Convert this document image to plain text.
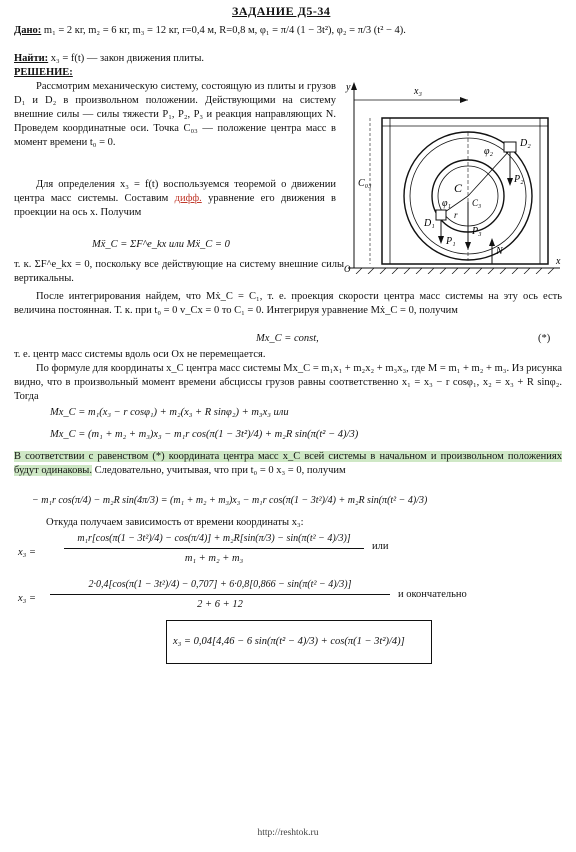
ЗАДАНИЕ Д5-34
Дано: m₁ = 2 кг, m₂ = 6 кг, m₃ = 12 кг, r=0,4 м, R=0,8 м, φ₁ = π/4 (1 − 3t²), φ₂ = π/3 (t² − 4).
Найти: x₃ = f(t) — закон движения плиты.
РЕШЕНИЕ:
Рассмотрим механическую систему, состоящую из плиты и грузов D₁ и D₂ в произвольном положении. Действующими на систему внешние силы — силы тяжести P₁, P₂, P₃ и реакция направляющих N. Проведем координатные оси. Точка C₀₃ — положение центра масс в момент времени t₀ = 0.
Для определения x₃ = f(t) воспользуемся теоремой о движении центра масс системы. Составим дифф. уравнение его движения в проекции на ось x. Получим
Mẍ_C = ΣF^e_kx или Mẍ_C = 0
т. к. ΣF^e_kx = 0, поскольку все действующие на систему внешние силы вертикальны.
y	x₃
C₀₃
D₂
D₁
P₂
P₁
P₃
N
φ₂
φ₁
r
C₃
C
O
x
После интегрирования найдем, что Mẋ_C = C₁, т. е. проекция скорости центра масс системы на эту ось есть величина постоянная. Т. к. при t₀ = 0 v_Cx = 0 то C₁ = 0. Интегрируя уравнение Mẋ_C = 0, получим
Mx_C = const,	(*)
т. е. центр масс системы вдоль оси Ox не перемещается.
По формуле для координаты x_C центра масс системы Mx_C = m₁x₁ + m₂x₂ + m₃x₃, где M = m₁ + m₂ + m₃. Из рисунка видно, что в произвольный момент времени абсциссы грузов равны соответственно x₁ = x₃ − r cosφ₁, x₂ = x₃ + R sinφ₂. Тогда
Mx_C = m₁(x₃ − r cosφ₁) + m₂(x₃ + R sinφ₂) + m₃x₃ или
Mx_C = (m₁ + m₂ + m₃)x₃ − m₁r cos(π(1 − 3t²)/4) + m₂R sin(π(t² − 4)/3)
В соответствии с равенством (*) координата центра масс x_C всей системы в начальном и произвольном положениях будут одинаковы. Следовательно, учитывая, что при t₀ = 0 x₃ = 0, получим
− m₁r cos(π/4) − m₂R sin(4π/3) = (m₁ + m₂ + m₃)x₃ − m₁r cos(π(1 − 3t²)/4) + m₂R sin(π(t² − 4)/3)
Откуда получаем зависимость от времени координаты x₃:
x₃ =
m₁r[cos(π(1 − 3t²)/4) − cos(π/4)] + m₂R[sin(π/3) − sin(π(t² − 4)/3)]
m₁ + m₂ + m₃
или
x₃ =
2·0,4[cos(π(1 − 3t²)/4) − 0,707] + 6·0,8[0,866 − sin(π(t² − 4)/3)]
2 + 6 + 12
и окончательно
x₃ = 0,04[4,46 − 6 sin(π(t² − 4)/3) + cos(π(1 − 3t²)/4)]
http://reshtok.ru
